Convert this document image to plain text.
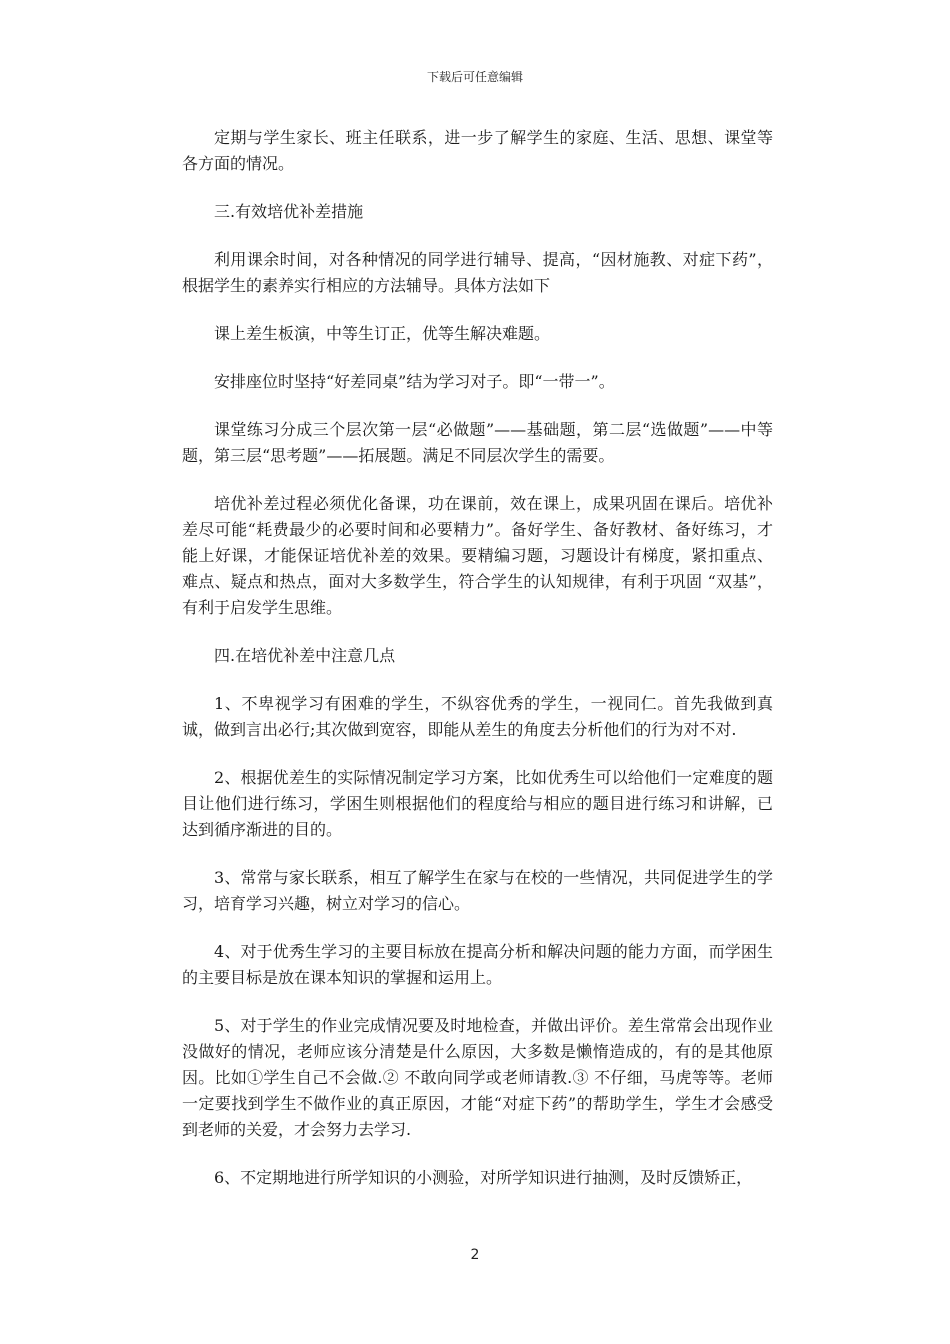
下载后可任意编辑

定期与学生家长、班主任联系，进一步了解学生的家庭、生活、思想、课堂等各方面的情况。

三.有效培优补差措施

利用课余时间，对各种情况的同学进行辅导、提高，“因材施教、对症下药”，根据学生的素养实行相应的方法辅导。具体方法如下

课上差生板演，中等生订正，优等生解决难题。

安排座位时坚持“好差同桌”结为学习对子。即“一带一”。

课堂练习分成三个层次第一层“必做题”——基础题，第二层“选做题”——中等题，第三层“思考题”——拓展题。满足不同层次学生的需要。

培优补差过程必须优化备课，功在课前，效在课上，成果巩固在课后。培优补差尽可能“耗费最少的必要时间和必要精力”。备好学生、备好教材、备好练习，才能上好课，才能保证培优补差的效果。要精编习题，习题设计有梯度，紧扣重点、难点、疑点和热点，面对大多数学生，符合学生的认知规律，有利于巩固 “双基”，有利于启发学生思维。

四.在培优补差中注意几点

1、不卑视学习有困难的学生，不纵容优秀的学生，一视同仁。首先我做到真诚，做到言出必行;其次做到宽容，即能从差生的角度去分析他们的行为对不对.

2、根据优差生的实际情况制定学习方案，比如优秀生可以给他们一定难度的题目让他们进行练习，学困生则根据他们的程度给与相应的题目进行练习和讲解，已达到循序渐进的目的。

3、常常与家长联系，相互了解学生在家与在校的一些情况，共同促进学生的学习，培育学习兴趣，树立对学习的信心。

4、对于优秀生学习的主要目标放在提高分析和解决问题的能力方面，而学困生的主要目标是放在课本知识的掌握和运用上。

5、对于学生的作业完成情况要及时地检查，并做出评价。差生常常会出现作业没做好的情况，老师应该分清楚是什么原因，大多数是懒惰造成的，有的是其他原因。比如①学生自己不会做.② 不敢向同学或老师请教.③ 不仔细，马虎等等。老师一定要找到学生不做作业的真正原因，才能“对症下药”的帮助学生，学生才会感受到老师的关爱，才会努力去学习.

6、不定期地进行所学知识的小测验，对所学知识进行抽测，及时反馈矫正，

2
